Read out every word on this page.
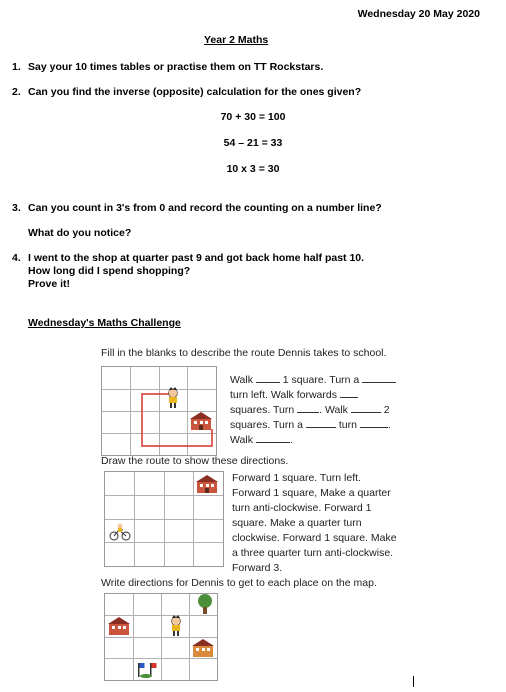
Wednesday 20 May 2020
Year 2 Maths
1. Say your 10 times tables or practise them on TT Rockstars.
2. Can you find the inverse (opposite) calculation for the ones given?
70 + 30 = 100
54 – 21 = 33
10 x 3 = 30
3. Can you count in 3's from 0 and record the counting on a number line?
What do you notice?
4. I went to the shop at quarter past 9 and got back home half past 10.
How long did I spend shopping?
Prove it!
Wednesday's Maths Challenge
Fill in the blanks to describe the route Dennis takes to school.
Walk	1 square. Turn a
turn left. Walk forwards
squares. Turn . Walk	2
squares. Turn a	turn	.
Walk	.
Draw the route to show these directions.
Forward 1 square. Turn left.
Forward 1 square, Make a quarter
turn anti-clockwise. Forward 1
square. Make a quarter turn
clockwise. Forward 1 square. Make
a three quarter turn anti-clockwise.
Forward 3.
Write directions for Dennis to get to each place on the map.
